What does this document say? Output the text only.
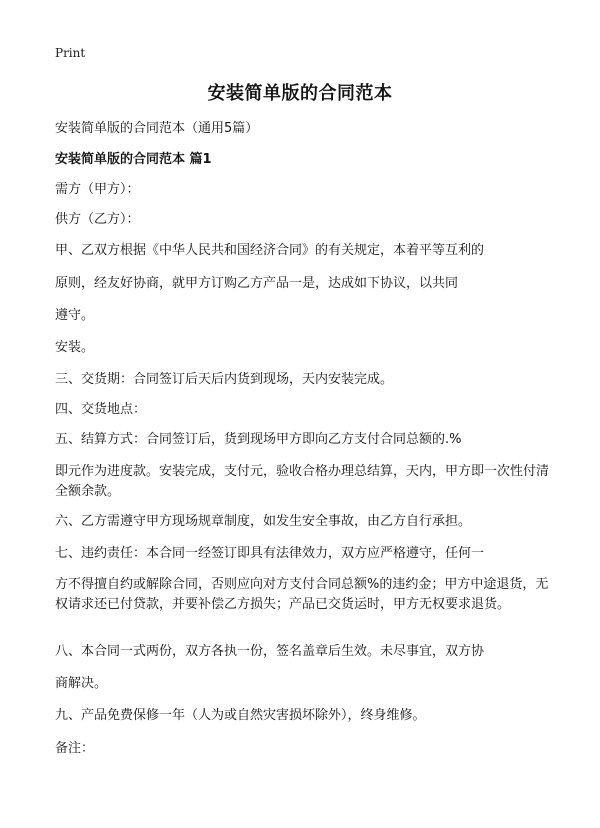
Print
安装简单版的合同范本
安装简单版的合同范本（通用5篇）
安装简单版的合同范本 篇1
需方（甲方）：
供方（乙方）：
甲、乙双方根据《中华人民共和国经济合同》的有关规定，本着平等互利的
原则，经友好协商，就甲方订购乙方产品一是，达成如下协议，以共同
遵守。
安装。
三、交货期：合同签订后天后内货到现场，天内安装完成。
四、交货地点：
五、结算方式：合同签订后，货到现场甲方即向乙方支付合同总额的.%
即元作为进度款。安装完成，支付元，验收合格办理总结算，天内，甲方即一次性付清全额余款。
六、乙方需遵守甲方现场规章制度，如发生安全事故，由乙方自行承担。
七、违约责任：本合同一经签订即具有法律效力，双方应严格遵守，任何一
方不得擅自约或解除合同，否则应向对方支付合同总额%的违约金；甲方中途退货，无权请求还已付贷款，并要补偿乙方损失；产品已交货运时，甲方无权要求退货。
八、本合同一式两份，双方各执一份，签名盖章后生效。未尽事宜，双方协
商解决。
九、产品免费保修一年（人为或自然灾害损坏除外），终身维修。
备注：
